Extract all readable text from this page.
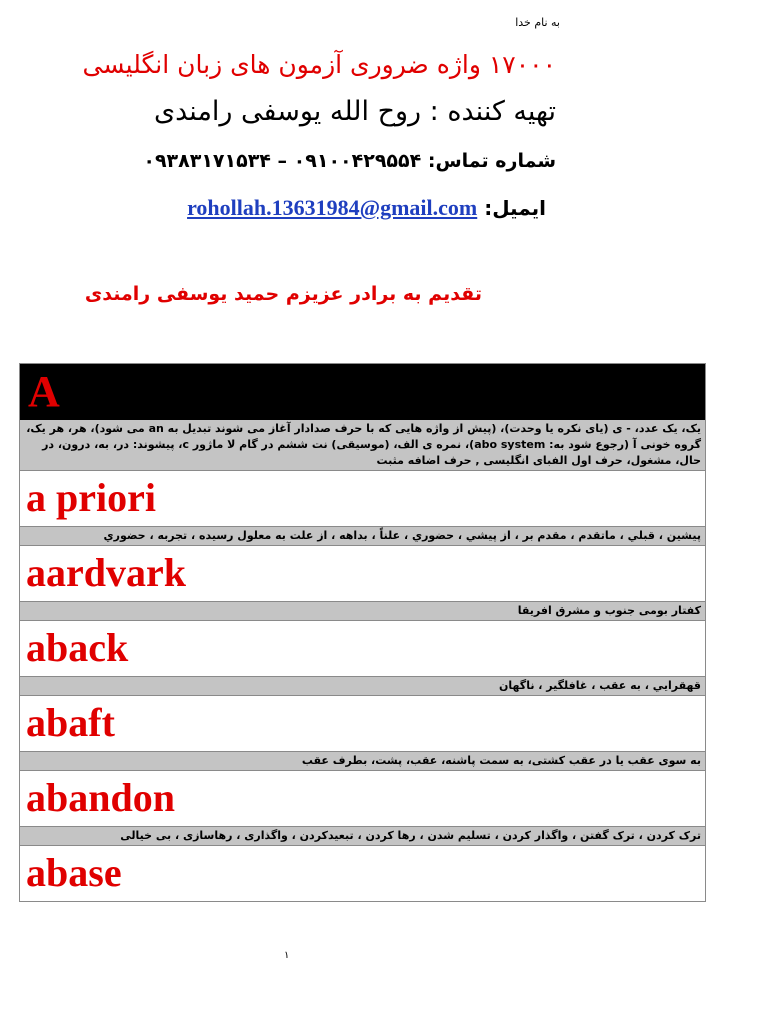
به نام خدا
۱۷۰۰۰ واژه ضروری آزمون های زبان انگلیسی
تهیه کننده : روح الله یوسفی رامندی
شماره تماس: ۰۹۱۰۰۴۲۹۵۵۴ – ۰۹۳۸۳۱۷۱۵۳۴
ایمیل: rohollah.13631984@gmail.com
تقدیم به برادر عزیزم حمید یوسفی رامندی
A
یک، یک عدد، - ی (یای نکره یا وحدت)، (پیش از واژه هایی که با حرف صدادار آغاز می شوند تبدیل به an می شود)، هر، هر یک، گروه خونی آ (رجوع شود به: abo system)، نمره ی الف، (موسیقی) نت ششم در گام لا ماژور c، پیشوند: در، به، درون، در حال، مشغول، حرف اول الفبای انگلیسی , حرف اضافه مثبت
a priori
پيشين ، قبلي ، ماتقدم ، مقدم بر ، از پيشي ، حضوري ، علناً ، بداهه ، از علت به معلول رسيده ، تجربه ، حضوري
aardvark
کفتار بومی جنوب و مشرق افریقا
aback
قهقرايي ، به عقب ، غافلگير ، ناگهان
abaft
به سوی عقب یا در عقب کشتی، به سمت پاشنه، عقب، پشت، بطرف عقب
abandon
ترک کردن ، ترک گفتن ، واگذار کردن ، تسلیم شدن ، رها کردن ، تبعیدکردن ، واگذاری ، رهاسازی ، بی خیالی
abase
۱
